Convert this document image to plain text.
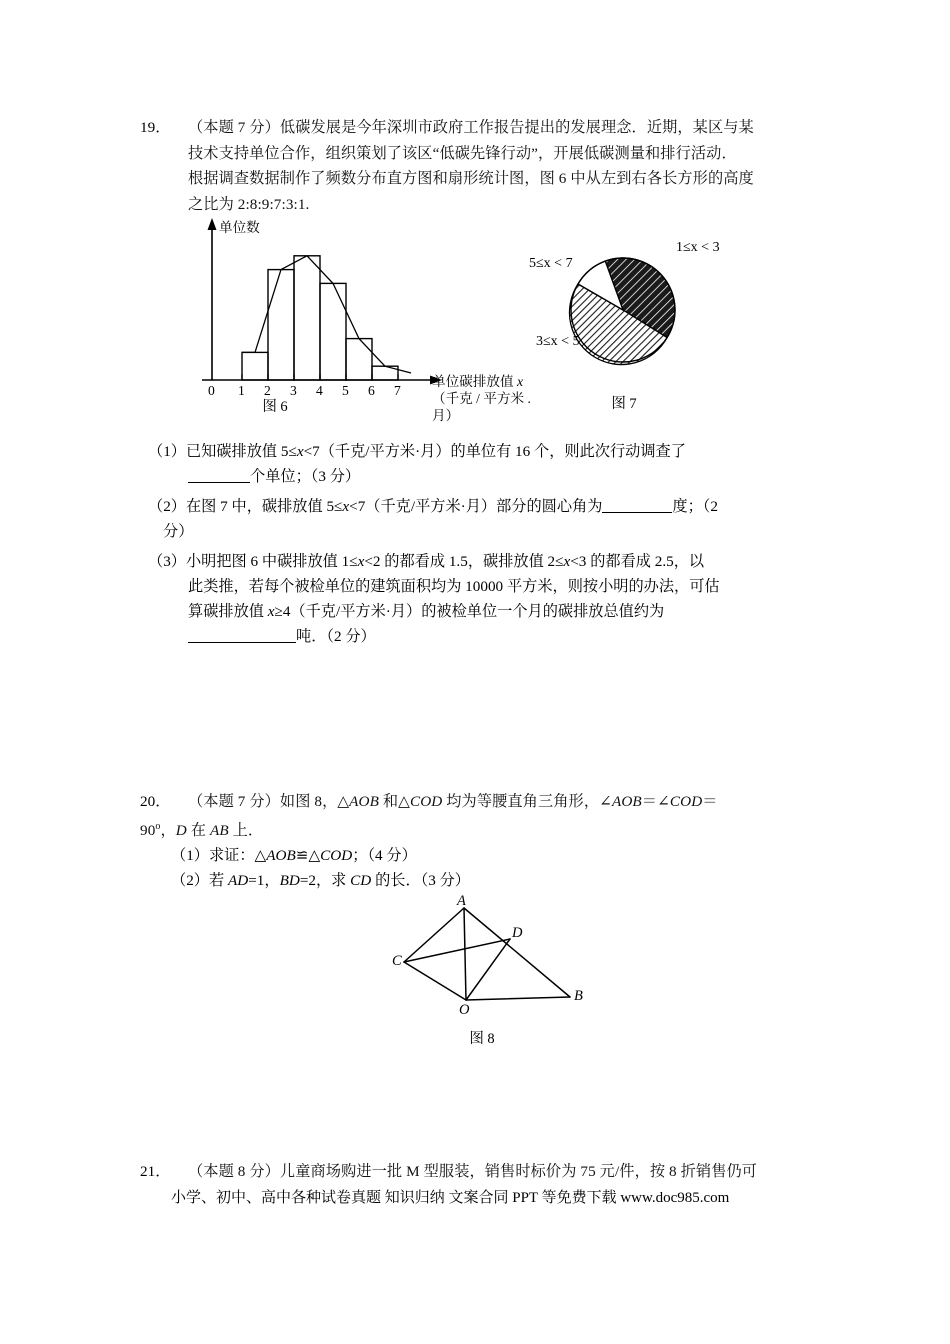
19． （本题 7 分）低碳发展是今年深圳市政府工作报告提出的发展理念．近期，某区与某
技术支持单位合作，组织策划了该区“低碳先锋行动”，开展低碳测量和排行活动．
根据调查数据制作了频数分布直方图和扇形统计图，图 6 中从左到右各长方形的高度
之比为 2:8:9:7:3:1.
0 1 2 3 4 5 6 7
单位数
单位碳排放值 x
（千克 / 平方米 .
月）
图 6
1≤x < 3
5≤x < 7
3≤x < 5
图 7
（1）已知碳排放值 5≤x<7（千克/平方米·月）的单位有 16 个，则此次行动调查了
个单位；（3 分）
（2）在图 7 中，碳排放值 5≤x<7（千克/平方米·月）部分的圆心角为	度；（2
分）
（3）小明把图 6 中碳排放值 1≤x<2 的都看成 1.5，碳排放值 2≤x<3 的都看成 2.5，以
此类推，若每个被检单位的建筑面积均为 10000 平方米，则按小明的办法，可估
算碳排放值 x≥4（千克/平方米·月）的被检单位一个月的碳排放总值约为
吨．（2 分）
20． （本题 7 分）如图 8，△AOB 和△COD 均为等腰直角三角形，∠AOB＝∠COD＝
$90^o$，D 在 AB 上．
（1）求证：△AOB≌△COD；（4 分）
（2）若 AD=1，BD=2，求 CD 的长．（3 分）
A
D
C
O
B
图 8
21． （本题 8 分）儿童商场购进一批 M 型服装，销售时标价为 75 元/件，按 8 折销售仍可
小学、初中、高中各种试卷真题 知识归纳 文案合同 PPT 等免费下载 www.doc985.com
